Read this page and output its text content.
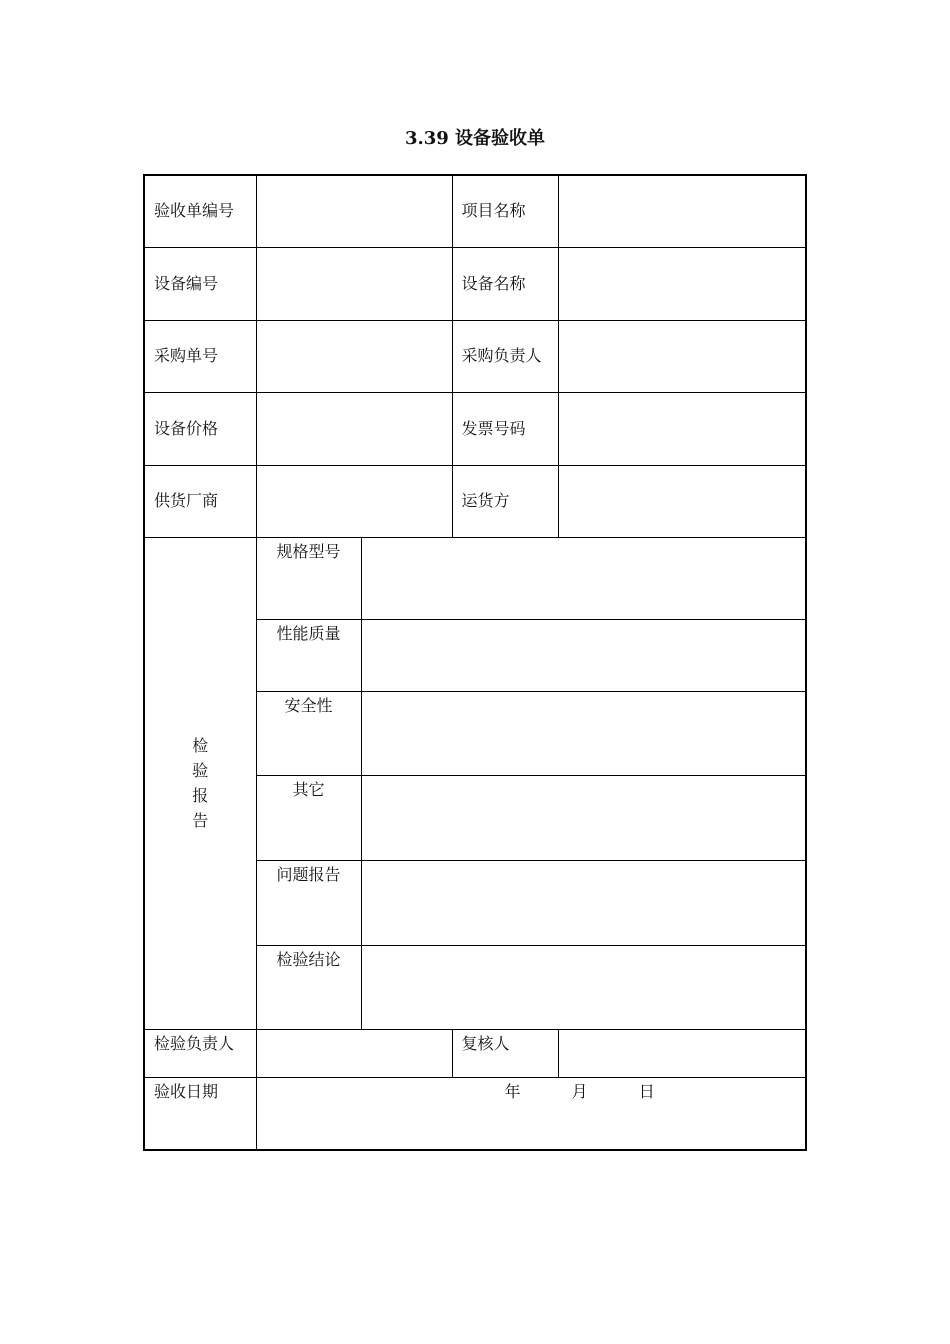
3.39 设备验收单
验收单编号			项目名称	
设备编号			设备名称	
采购单号			采购负责人	
设备价格			发票号码	
供货厂商			运货方	

检
验
报
告	规格型号			
	性能质量			
	安全性			
	其它			
	问题报告			
	检验结论			
检验负责人			复核人	
验收日期	年 月 日			
